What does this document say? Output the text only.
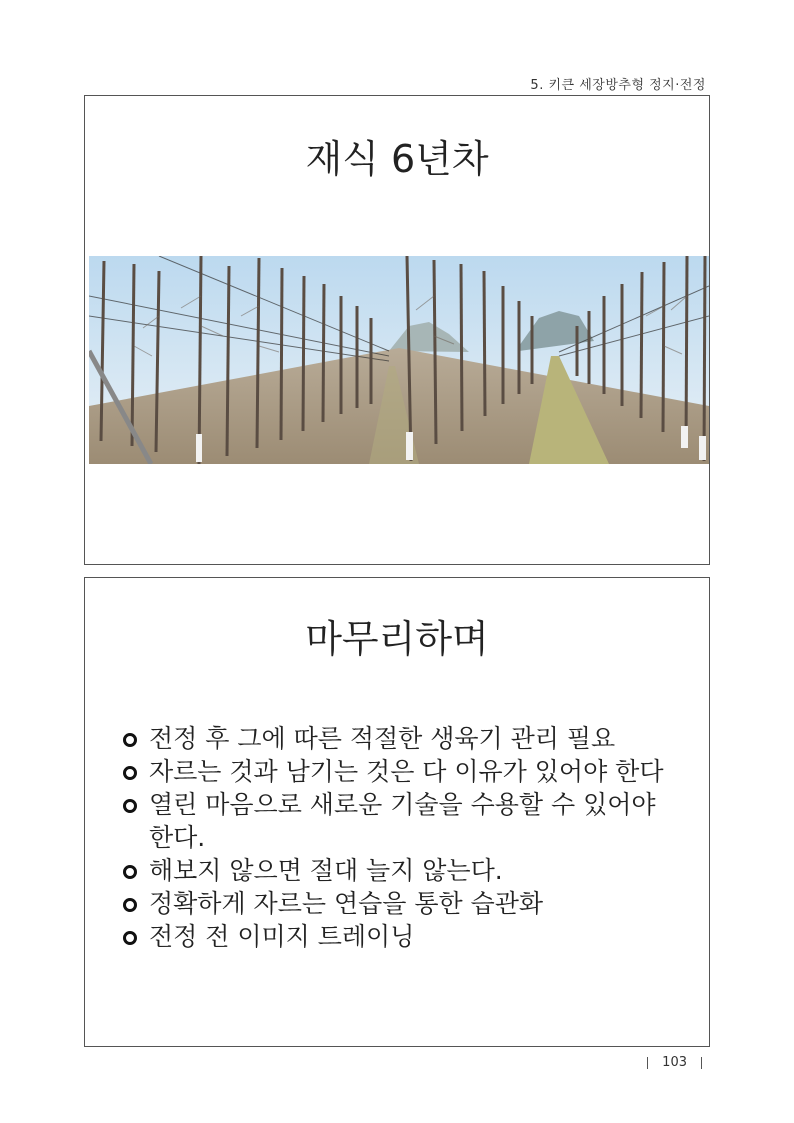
5. 키큰 세장방추형 정지·전정
재식 6년차
마무리하며
전정 후 그에 따른 적절한 생육기 관리 필요
자르는 것과 남기는 것은 다 이유가 있어야 한다
열린 마음으로 새로운 기술을 수용할 수 있어야 한다.
해보지 않으면 절대 늘지 않는다.
정확하게 자르는 연습을 통한 습관화
전정 전 이미지 트레이닝
103
